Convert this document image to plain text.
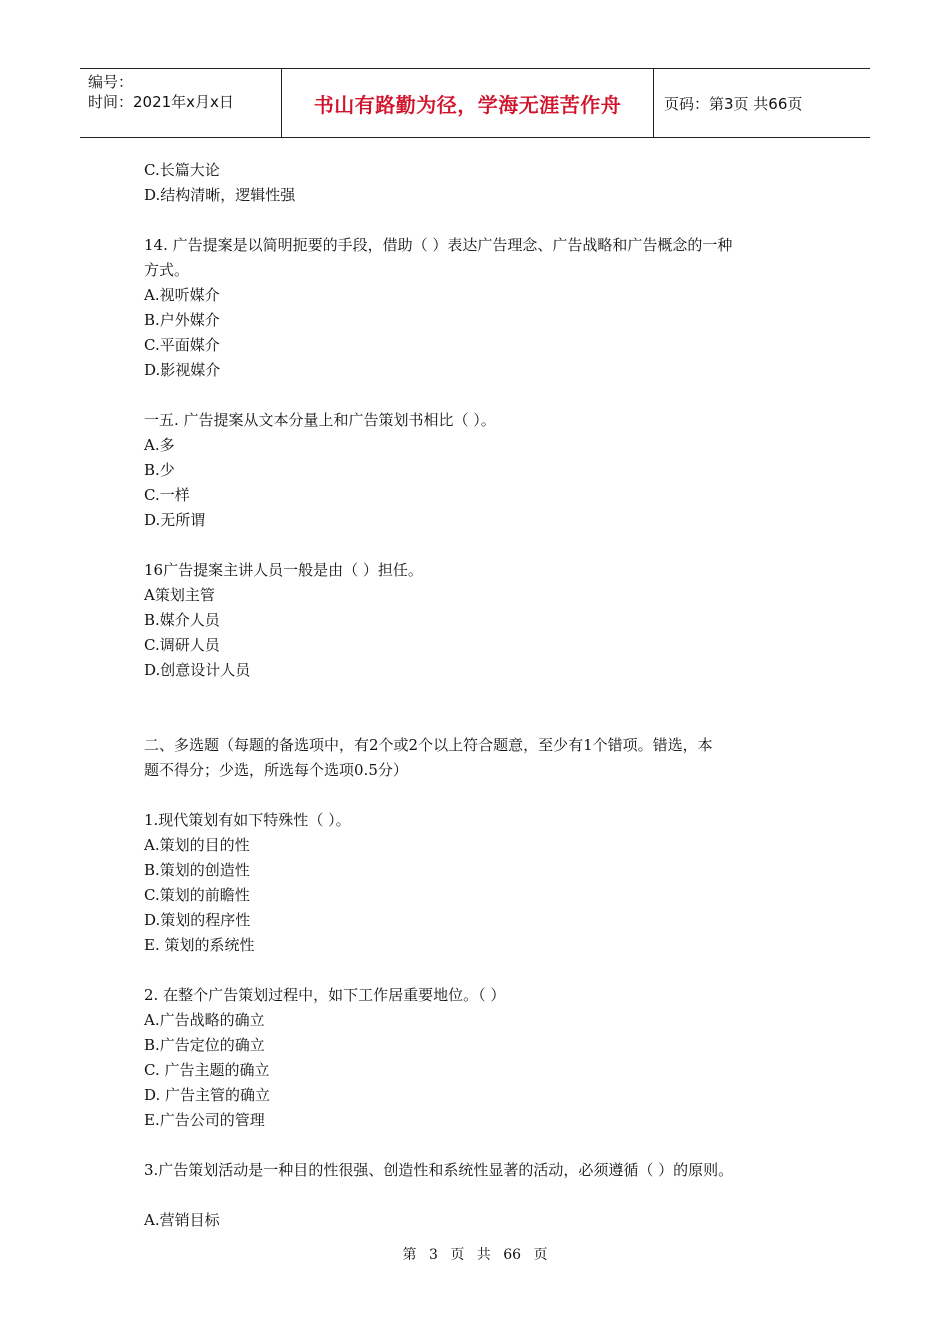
编号：
时间：2021年x月x日	书山有路勤为径，学海无涯苦作舟	页码：第3页 共66页
C.长篇大论
D.结构清晰，逻辑性强
14. 广告提案是以简明扼要的手段，借助（ ）表达广告理念、广告战略和广告概念的一种
方式。
A.视听媒介
B.户外媒介
C.平面媒介
D.影视媒介
一五. 广告提案从文本分量上和广告策划书相比（ ）。
A.多
B.少
C.一样
D.无所谓
16广告提案主讲人员一般是由（ ）担任。
A策划主管
B.媒介人员
C.调研人员
D.创意设计人员
二、多选题（每题的备选项中，有2个或2个以上符合题意，至少有1个错项。错选，本
题不得分；少选，所选每个选项0.5分）
1.现代策划有如下特殊性（ ）。
A.策划的目的性
B.策划的创造性
C.策划的前瞻性
D.策划的程序性
E. 策划的系统性
2. 在整个广告策划过程中，如下工作居重要地位。（ ）
A.广告战略的确立
B.广告定位的确立
C. 广告主题的确立
D. 广告主管的确立
E.广告公司的管理
3.广告策划活动是一种目的性很强、创造性和系统性显著的活动，必须遵循（ ）的原则。
A.营销目标
第 3 页 共 66 页
